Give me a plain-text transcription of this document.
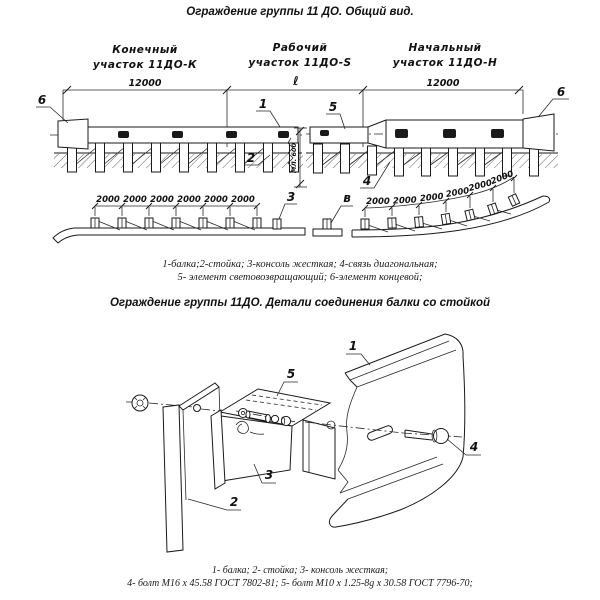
Ограждение группы 11 ДО. Общий вид.
Конечный
участок 11ДО-К
Рабочий
участок 11ДО-S
Начальный
участок 11ДО-Н
12000	ℓ	12000
МЛ. 600
6	1	5
6
2
4
2000 2000 2000 2000 2000 2000	3	в 2000 2000 2000 2000
2000
2000
1-балка;2-стойка; 3-консоль жесткая; 4-связь диагональная;
5- элемент световозвращающий; 6-элемент концевой;
Ограждение группы 11ДО. Детали соединения балки со стойкой
1
5
4
3
2
1- балка; 2- стойка; 3- консоль жесткая;
4- болт М16 х 45.58 ГОСТ 7802-81; 5- болт М10 х 1.25-8g х 30.58 ГОСТ 7796-70;
